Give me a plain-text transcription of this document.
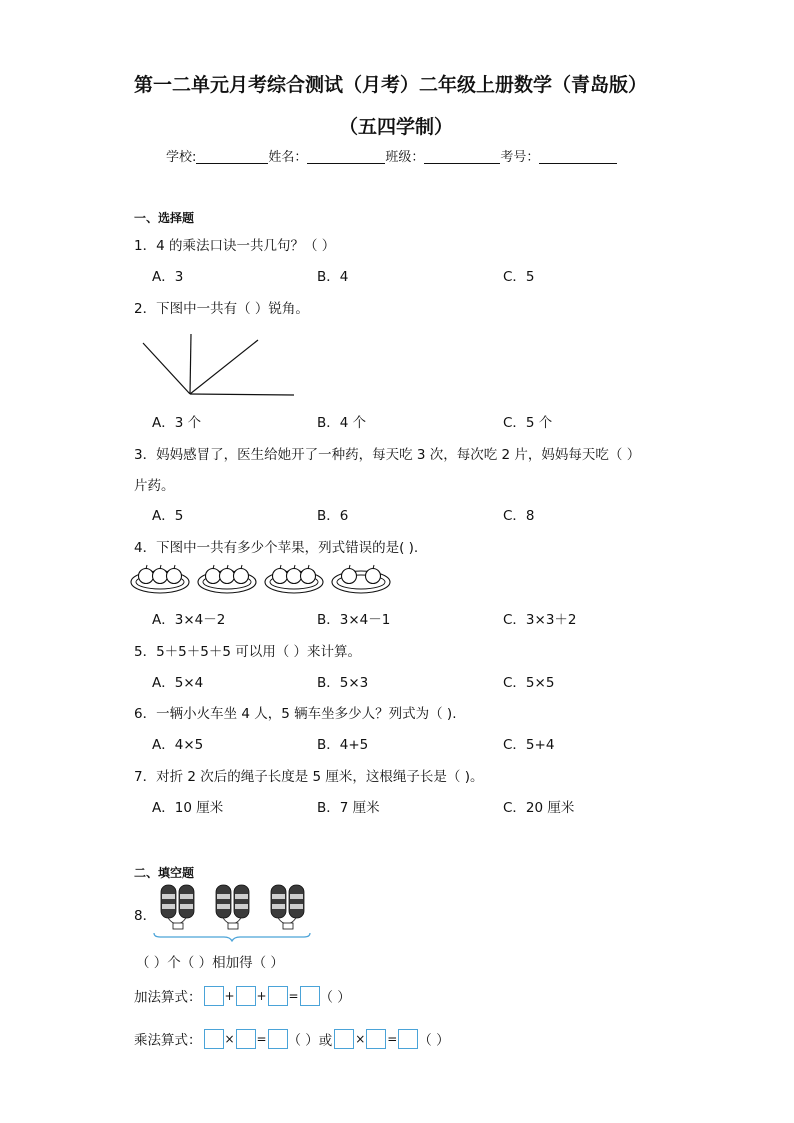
第一二单元月考综合测试（月考）二年级上册数学（青岛版）
（五四学制）
学校:	姓名：	班级：	考号：
一、选择题
1．4 的乘法口诀一共几句？（ ）
A．3	B．4	C．5
2．下图中一共有（ ）锐角。
A．3 个	B．4 个	C．5 个
3．妈妈感冒了，医生给她开了一种药，每天吃 3 次，每次吃 2 片，妈妈每天吃（ ）
片药。
A．5	B．6	C．8
4．下图中一共有多少个苹果，列式错误的是( ).
A．3×4－2	B．3×4－1	C．3×3＋2
5．5＋5＋5＋5 可以用（ ）来计算。
A．5×4	B．5×3	C．5×5
6．一辆小火车坐 4 人，5 辆车坐多少人？列式为（ ).
A．4×5	B．4+5	C．5+4
7．对折 2 次后的绳子长度是 5 厘米，这根绳子长是（ )。
A．10 厘米	B．7 厘米	C．20 厘米
二、填空题
8．
（ ）个（ ）相加得（ ）
加法算式： + + = （ ）
乘法算式： × = （ ）或 × = （ ）
